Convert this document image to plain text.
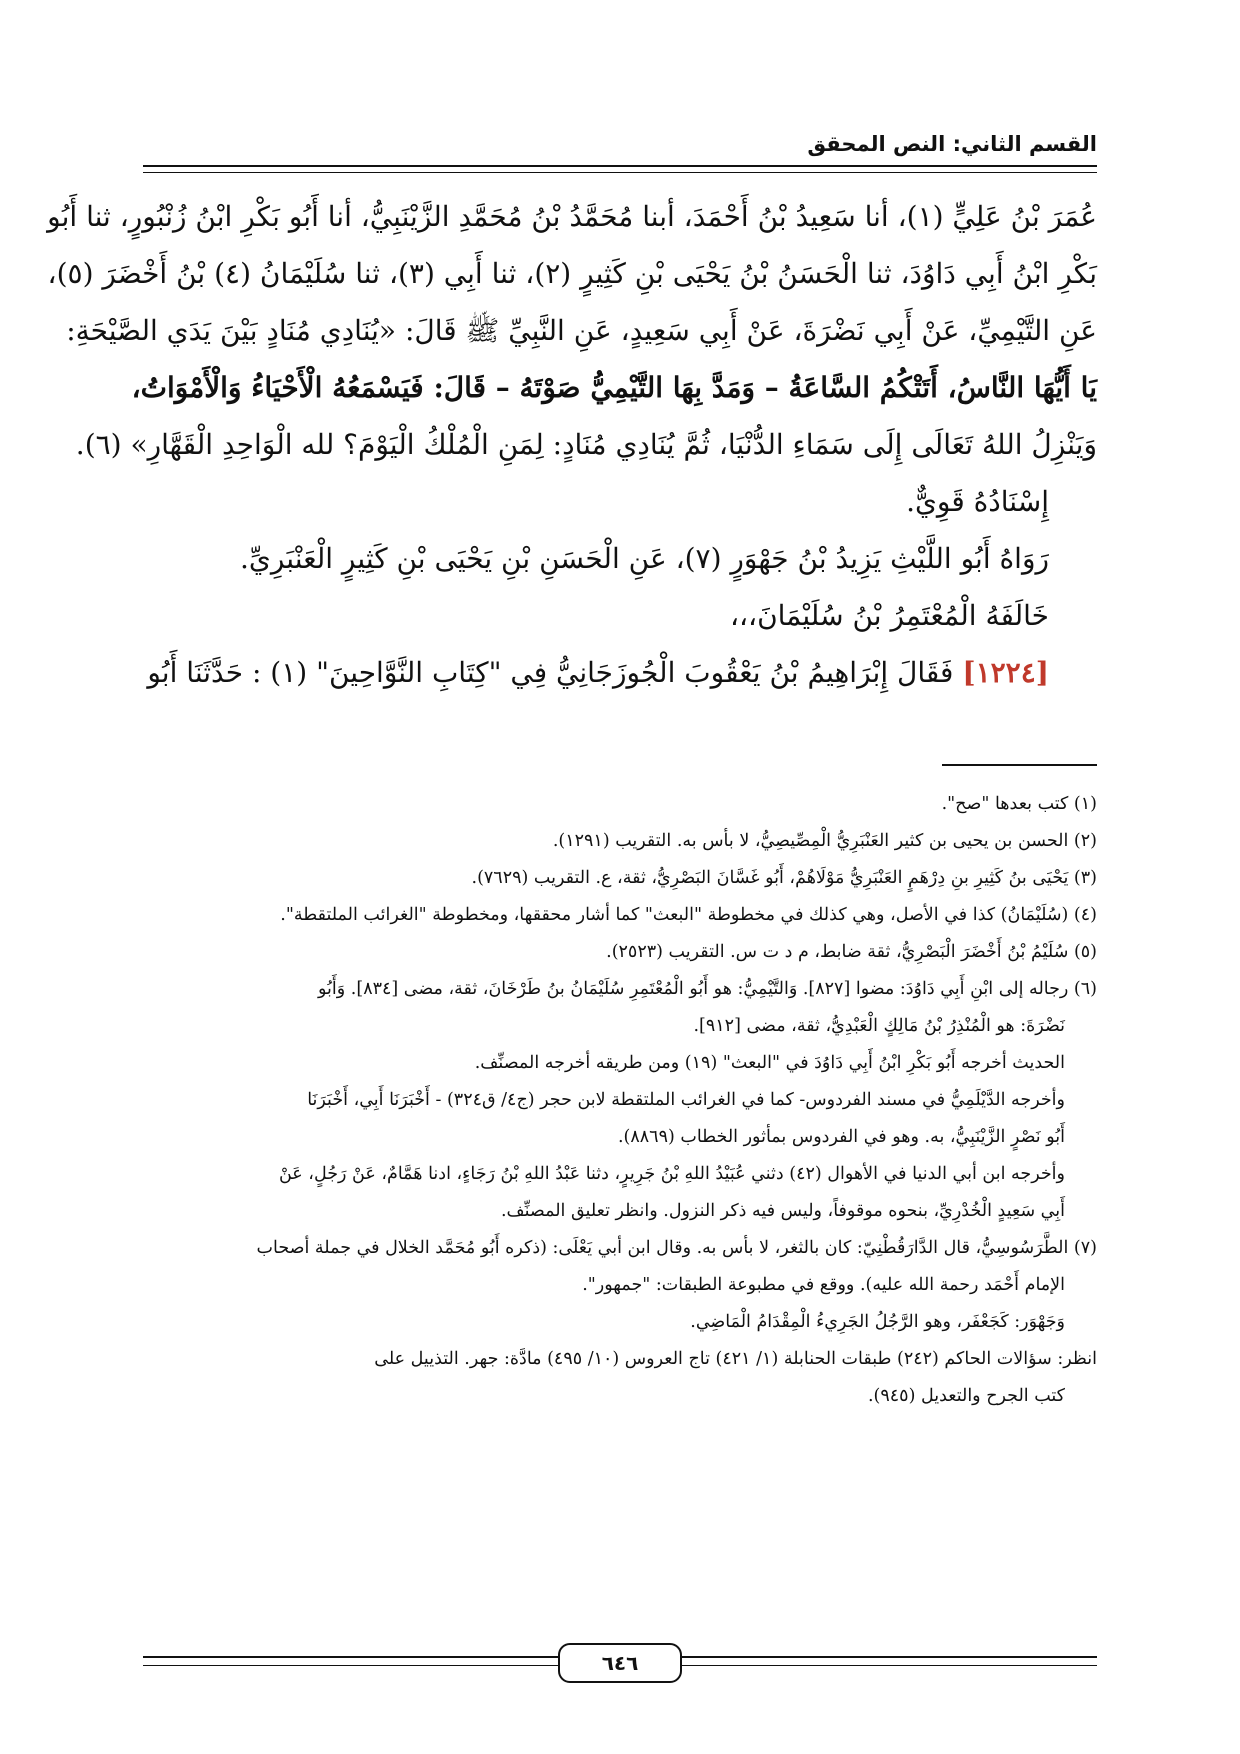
القسم الثاني: النص المحقق
عُمَرَ بْنُ عَلِيٍّ (١)، أنا سَعِيدُ بْنُ أَحْمَدَ، أبنا مُحَمَّدُ بْنُ مُحَمَّدِ الزَّيْنَبِيُّ، أنا أَبُو بَكْرِ ابْنُ زُنْبُورٍ، ثنا أَبُو
بَكْرِ ابْنُ أَبِي دَاوُدَ، ثنا الْحَسَنُ بْنُ يَحْيَى بْنِ كَثِيرٍ (٢)، ثنا أَبِي (٣)، ثنا سُلَيْمَانُ (٤) بْنُ أَخْضَرَ (٥)،
عَنِ التَّيْمِيِّ، عَنْ أَبِي نَضْرَةَ، عَنْ أَبِي سَعِيدٍ، عَنِ النَّبِيِّ ﷺ قَالَ: «يُنَادِي مُنَادٍ بَيْنَ يَدَي الصَّيْحَةِ:
يَا أَيُّهَا النَّاسُ، أَتَتْكُمُ السَّاعَةُ – وَمَدَّ بِهَا التَّيْمِيُّ صَوْتَهُ – قَالَ: فَيَسْمَعُهُ الْأَحْيَاءُ وَالْأَمْوَاتُ،
وَيَنْزِلُ اللهُ تَعَالَى إِلَى سَمَاءِ الدُّنْيَا، ثُمَّ يُنَادِي مُنَادٍ: لِمَنِ الْمُلْكُ الْيَوْمَ؟ لله الْوَاحِدِ الْقَهَّارِ» (٦).
إِسْنَادُهُ قَوِيٌّ.
رَوَاهُ أَبُو اللَّيْثِ يَزِيدُ بْنُ جَهْوَرٍ (٧)، عَنِ الْحَسَنِ بْنِ يَحْيَى بْنِ كَثِيرٍ الْعَنْبَرِيِّ.
خَالَفَهُ الْمُعْتَمِرُ بْنُ سُلَيْمَانَ،،،
[١٢٢٤] فَقَالَ إِبْرَاهِيمُ بْنُ يَعْقُوبَ الْجُوزَجَانِيُّ فِي "كِتَابِ النَّوَّاحِينَ" (١) : حَدَّثَنَا أَبُو
(١) كتب بعدها "صح".
(٢) الحسن بن يحيى بن كثير العَنْبَرِيُّ الْمِصِّيصِيُّ، لا بأس به. التقريب (١٢٩١).
(٣) يَحْيَى بنُ كَثِيرِ بنِ دِرْهَمٍ العَنْبَرِيُّ مَوْلَاهُمْ، أَبُو غَسَّانَ البَصْرِيُّ، ثقة، ع. التقريب (٧٦٢٩).
(٤) (سُلَيْمَانُ) كذا في الأصل، وهي كذلك في مخطوطة "البعث" كما أشار محققها، ومخطوطة "الغرائب الملتقطة".
(٥) سُلَيْمُ بْنُ أَخْضَرَ الْبَصْرِيُّ، ثقة ضابط، م د ت س. التقريب (٢٥٢٣).
(٦) رجاله إلى ابْنِ أَبِي دَاوُدَ: مضوا [٨٢٧]. وَالتَّيْمِيُّ: هو أَبُو الْمُعْتَمِرِ سُلَيْمَانُ بنُ طَرْخَانَ، ثقة، مضى [٨٣٤]. وَأَبُو
نَضْرَةَ: هو الْمُنْذِرُ بْنُ مَالِكٍ الْعَبْدِيُّ، ثقة، مضى [٩١٢].
الحديث أخرجه أَبُو بَكْرِ ابْنُ أَبِي دَاوُدَ في "البعث" (١٩) ومن طريقه أخرجه المصنِّف.
وأخرجه الدَّيْلَمِيُّ في مسند الفردوس- كما في الغرائب الملتقطة لابن حجر (ج٤/ ق٣٢٤) - أَخْبَرَنَا أَبِي، أَخْبَرَنَا
أَبُو نَصْرٍ الزَّيْنَبِيُّ، به. وهو في الفردوس بمأثور الخطاب (٨٨٦٩).
وأخرجه ابن أبي الدنيا في الأهوال (٤٢) دثني عُبَيْدُ اللهِ بْنُ جَرِيرٍ، دثنا عَبْدُ اللهِ بْنُ رَجَاءٍ، ادنا هَمَّامٌ، عَنْ رَجُلٍ، عَنْ
أَبِي سَعِيدٍ الْخُدْرِيِّ، بنحوه موقوفاً، وليس فيه ذكر النزول. وانظر تعليق المصنِّف.
(٧) الطَّرَسُوسِيُّ، قال الدَّارَقُطْنِيّ: كان بالثغر، لا بأس به. وقال ابن أبي يَعْلَى: (ذكره أَبُو مُحَمَّد الخلال في جملة أصحاب
الإمام أَحْمَد رحمة الله عليه). ووقع في مطبوعة الطبقات: "جمهور".
وَجَهْوَر: كَجَعْفَر، وهو الرَّجُلُ الجَرِيءُ الْمِقْدَامُ الْمَاضِي.
انظر: سؤالات الحاكم (٢٤٢) طبقات الحنابلة (١/ ٤٢١) تاج العروس (١٠/ ٤٩٥) مادَّة: جهر. التذييل على
كتب الجرح والتعديل (٩٤٥).
٦٤٦
